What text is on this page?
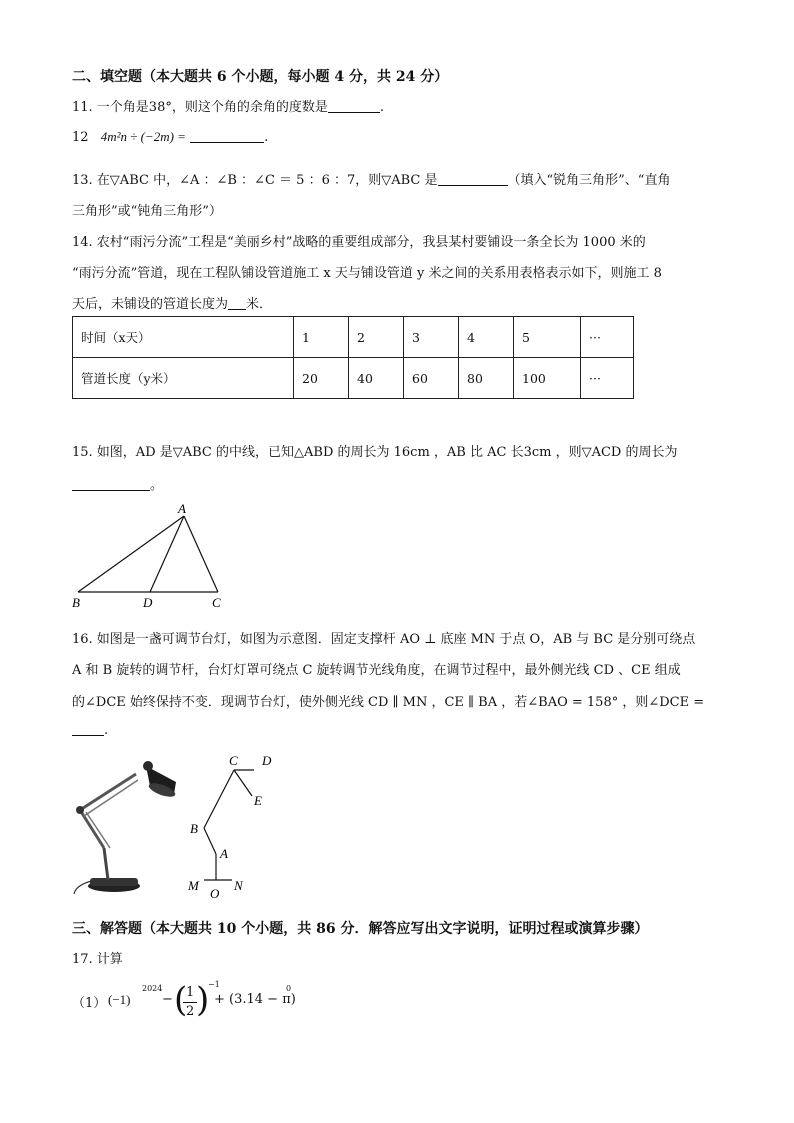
二、填空题（本大题共 6 个小题，每小题 4 分，共 24 分）
11. 一个角是38°，则这个角的余角的度数是	.
12 4m²n ÷ (−2m) =	.
13. 在▽ABC 中，∠A ：∠B ：∠C ＝ 5 ：6 ：7，则▽ABC 是	（填入“锐角三角形”、“直角
三角形”或“钝角三角形”）
14. 农村“雨污分流”工程是“美丽乡村”战略的重要组成部分，我县某村要铺设一条全长为 1000 米的
“雨污分流”管道，现在工程队铺设管道施工 x 天与铺设管道 y 米之间的关系用表格表示如下，则施工 8
天后，未铺设的管道长度为 米．
时间（x天）	1	2	3	4	5	···
管道长度（y米）	20	40	60	80	100	···
15. 如图，AD 是▽ABC 的中线，已知△ABD 的周长为 16cm ，AB 比 AC 长3cm ，则▽ACD 的周长为
。
A
B	D	C
16. 如图是一盏可调节台灯，如图为示意图．固定支撑杆 AO ⊥ 底座 MN 于点 O，AB 与 BC 是分别可绕点
A 和 B 旋转的调节杆，台灯灯罩可绕点 C 旋转调节光线角度，在调节过程中，最外侧光线 CD 、CE 组成
的∠DCE 始终保持不变．现调节台灯，使外侧光线 CD ∥ MN ，CE ∥ BA ，若∠BAO = 158° ，则∠DCE =
.
C D
E
B
A
M
O
N
三、解答题（本大题共 10 个小题，共 86 分．解答应写出文字说明，证明过程或演算步骤）
17. 计算
（1） (−1)
2024
− (
1
2 )
−1
+ (3.14 − π)
0
